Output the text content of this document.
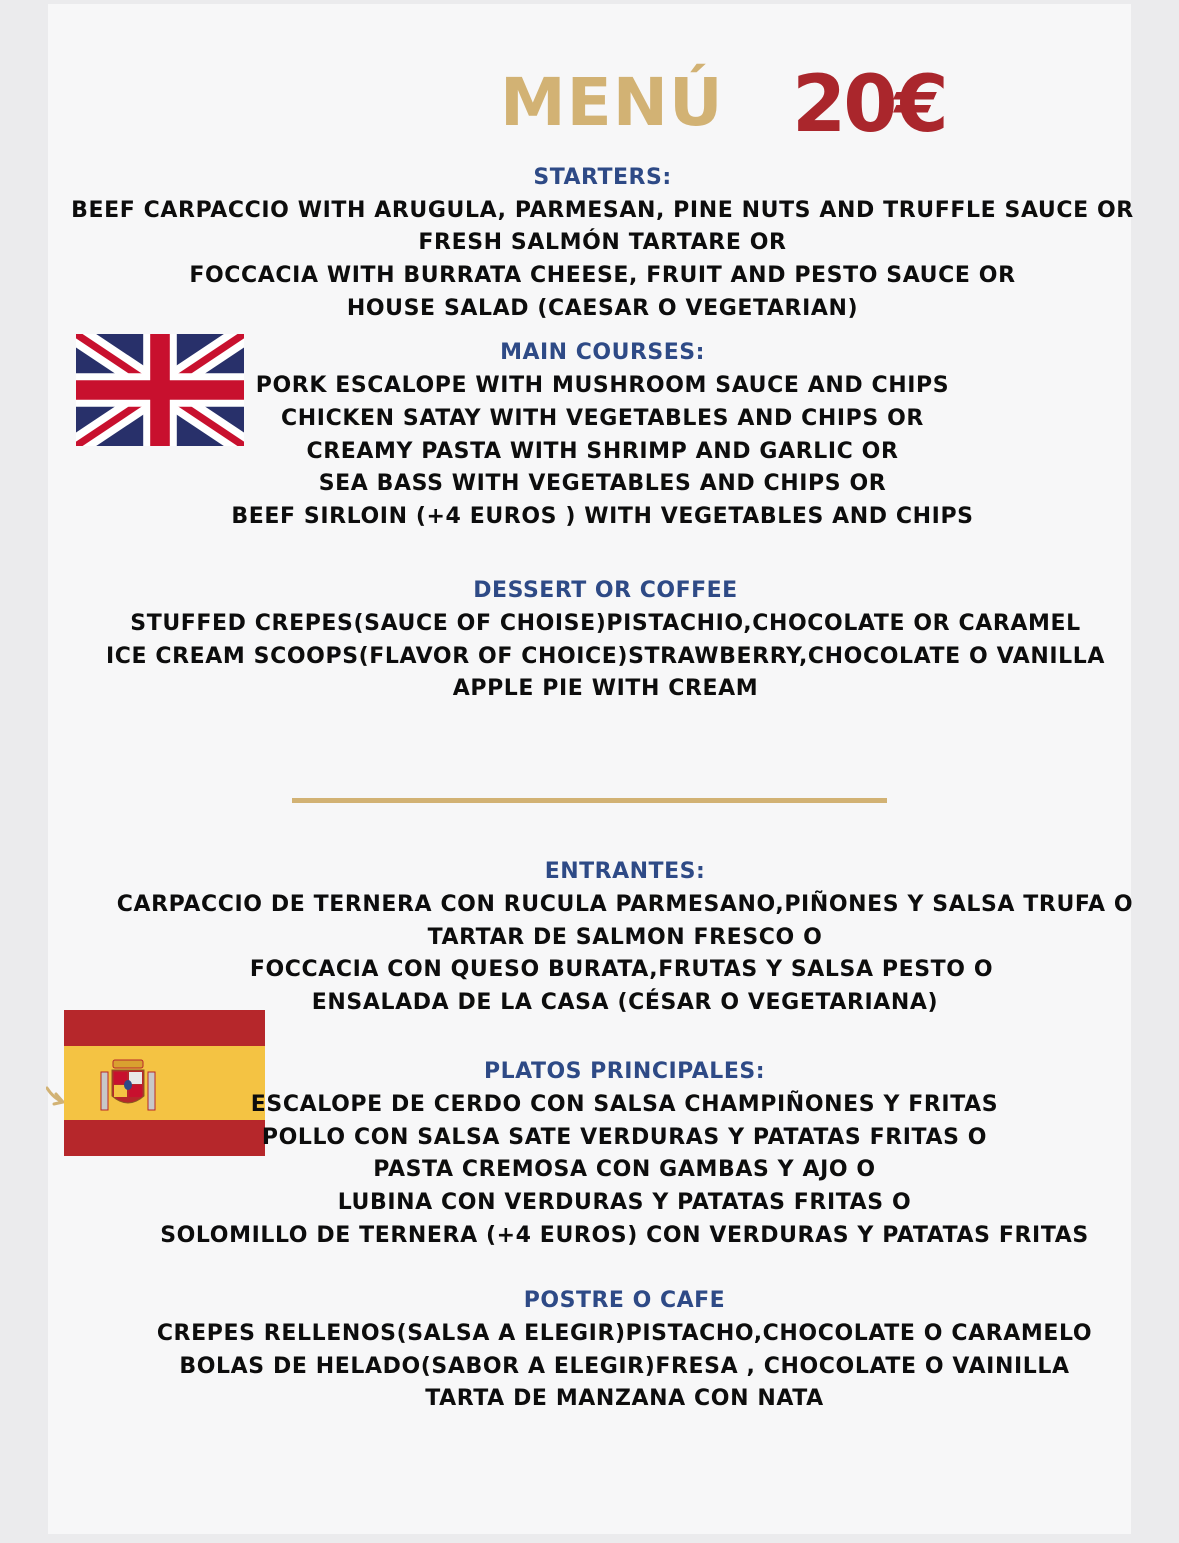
MENÚ 20€
STARTERS:
BEEF CARPACCIO WITH ARUGULA, PARMESAN, PINE NUTS AND TRUFFLE SAUCE OR
FRESH SALMÓN TARTARE OR
FOCCACIA WITH BURRATA CHEESE, FRUIT AND PESTO SAUCE OR
HOUSE SALAD (CAESAR O VEGETARIAN)
MAIN COURSES:
PORK ESCALOPE WITH MUSHROOM SAUCE AND CHIPS
CHICKEN SATAY WITH VEGETABLES AND CHIPS OR
CREAMY PASTA WITH SHRIMP AND GARLIC OR
SEA BASS WITH VEGETABLES AND CHIPS OR
BEEF SIRLOIN (+4 EUROS ) WITH VEGETABLES AND CHIPS
DESSERT OR COFFEE
STUFFED CREPES(SAUCE OF CHOISE)PISTACHIO,CHOCOLATE OR CARAMEL
ICE CREAM SCOOPS(FLAVOR OF CHOICE)STRAWBERRY,CHOCOLATE O VANILLA
APPLE PIE WITH CREAM
ENTRANTES:
CARPACCIO DE TERNERA CON RUCULA PARMESANO,PIÑONES Y SALSA TRUFA O
TARTAR DE SALMON FRESCO O
FOCCACIA CON QUESO BURATA,FRUTAS Y SALSA PESTO O
ENSALADA DE LA CASA (CÉSAR O VEGETARIANA)
PLATOS PRINCIPALES:
ESCALOPE DE CERDO CON SALSA CHAMPIÑONES Y FRITAS
POLLO CON SALSA SATE VERDURAS Y PATATAS FRITAS O
PASTA CREMOSA CON GAMBAS Y AJO O
LUBINA CON VERDURAS Y PATATAS FRITAS O
SOLOMILLO DE TERNERA (+4 EUROS) CON VERDURAS Y PATATAS FRITAS
POSTRE O CAFE
CREPES RELLENOS(SALSA A ELEGIR)PISTACHO,CHOCOLATE O CARAMELO
BOLAS DE HELADO(SABOR A ELEGIR)FRESA , CHOCOLATE O VAINILLA
TARTA DE MANZANA CON NATA
